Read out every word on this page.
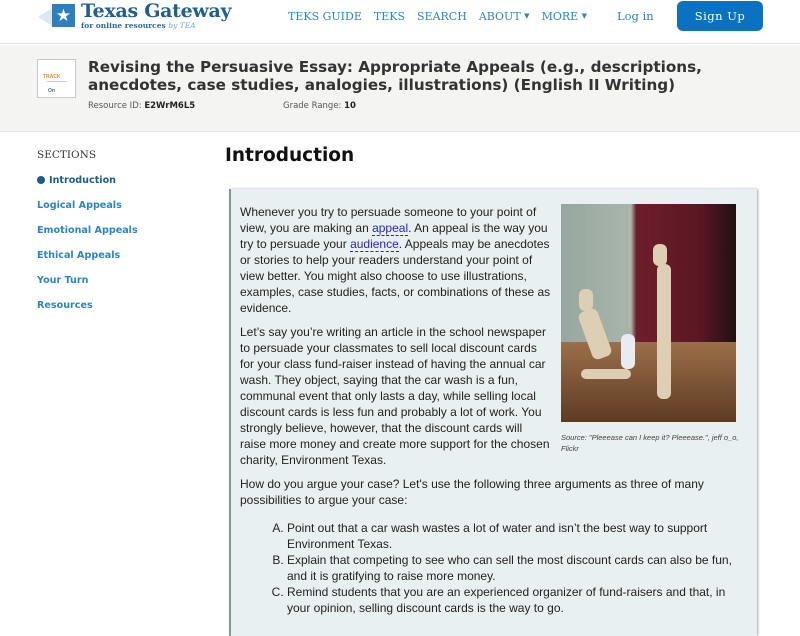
★ Texas Gateway
for online resources by TEA
TEKS GUIDE TEKS SEARCH ABOUT ▼ MORE ▼	Log in	Sign Up
On
TRACK
Revising the Persuasive Essay: Appropriate Appeals (e.g., descriptions, anecdotes, case studies, analogies, illustrations) (English II Writing)
Resource ID: E2WrM6L5	Grade Range: 10
SECTIONS
Introduction
Logical Appeals
Emotional Appeals
Ethical Appeals
Your Turn
Resources
Introduction
Source: "Pleeease can I keep it? Pleeease.", jeff o_o, Flickr
Whenever you try to persuade someone to your point of view, you are making an appeal. An appeal is the way you try to persuade your audience. Appeals may be anecdotes or stories to help your readers understand your point of view better. You might also choose to use illustrations, examples, case studies, facts, or combinations of these as evidence.
Let’s say you’re writing an article in the school newspaper to persuade your classmates to sell local discount cards for your class fund-raiser instead of having the annual car wash. They object, saying that the car wash is a fun, communal event that only lasts a day, while selling local discount cards is less fun and probably a lot of work. You strongly believe, however, that the discount cards will raise more money and create more support for the chosen charity, Environment Texas.
How do you argue your case? Let's use the following three arguments as three of many possibilities to argue your case:
A. Point out that a car wash wastes a lot of water and isn’t the best way to support Environment Texas.
B. Explain that competing to see who can sell the most discount cards can also be fun, and it is gratifying to raise more money.
C. Remind students that you are an experienced organizer of fund-raisers and that, in your opinion, selling discount cards is the way to go.
